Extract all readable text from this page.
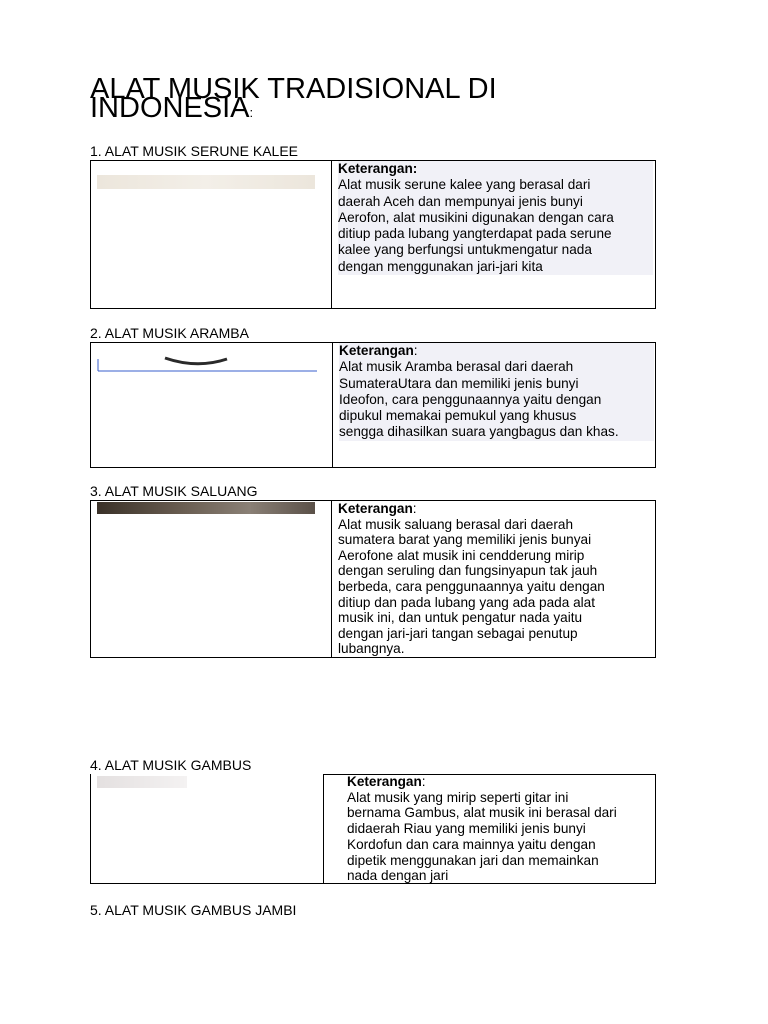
ALAT MUSIK TRADISIONAL DI INDONESIA:
1. ALAT MUSIK SERUNE KALEE
Keterangan:
Alat musik serune kalee yang berasal dari
daerah Aceh dan mempunyai jenis bunyi
Aerofon, alat musikini digunakan dengan cara
ditiup pada lubang yangterdapat pada serune
kalee yang berfungsi untukmengatur nada
dengan menggunakan jari-jari kita
2. ALAT MUSIK ARAMBA
Keterangan:
Alat musik Aramba berasal dari daerah
SumateraUtara dan memiliki jenis bunyi
Ideofon, cara penggunaannya yaitu dengan
dipukul memakai pemukul yang khusus
sengga dihasilkan suara yangbagus dan khas.
3. ALAT MUSIK SALUANG
Keterangan:
Alat musik saluang berasal dari daerah
sumatera barat yang memiliki jenis bunyai
Aerofone alat musik ini cendderung mirip
dengan seruling dan fungsinyapun tak jauh
berbeda, cara penggunaannya yaitu dengan
ditiup dan pada lubang yang ada pada alat
musik ini, dan untuk pengatur nada yaitu
dengan jari-jari tangan sebagai penutup
lubangnya.
4. ALAT MUSIK GAMBUS
Keterangan:
Alat musik yang mirip seperti gitar ini
bernama Gambus, alat musik ini berasal dari
didaerah Riau yang memiliki jenis bunyi
Kordofun dan cara mainnya yaitu dengan
dipetik menggunakan jari dan memainkan
nada dengan jari
5. ALAT MUSIK GAMBUS JAMBI
